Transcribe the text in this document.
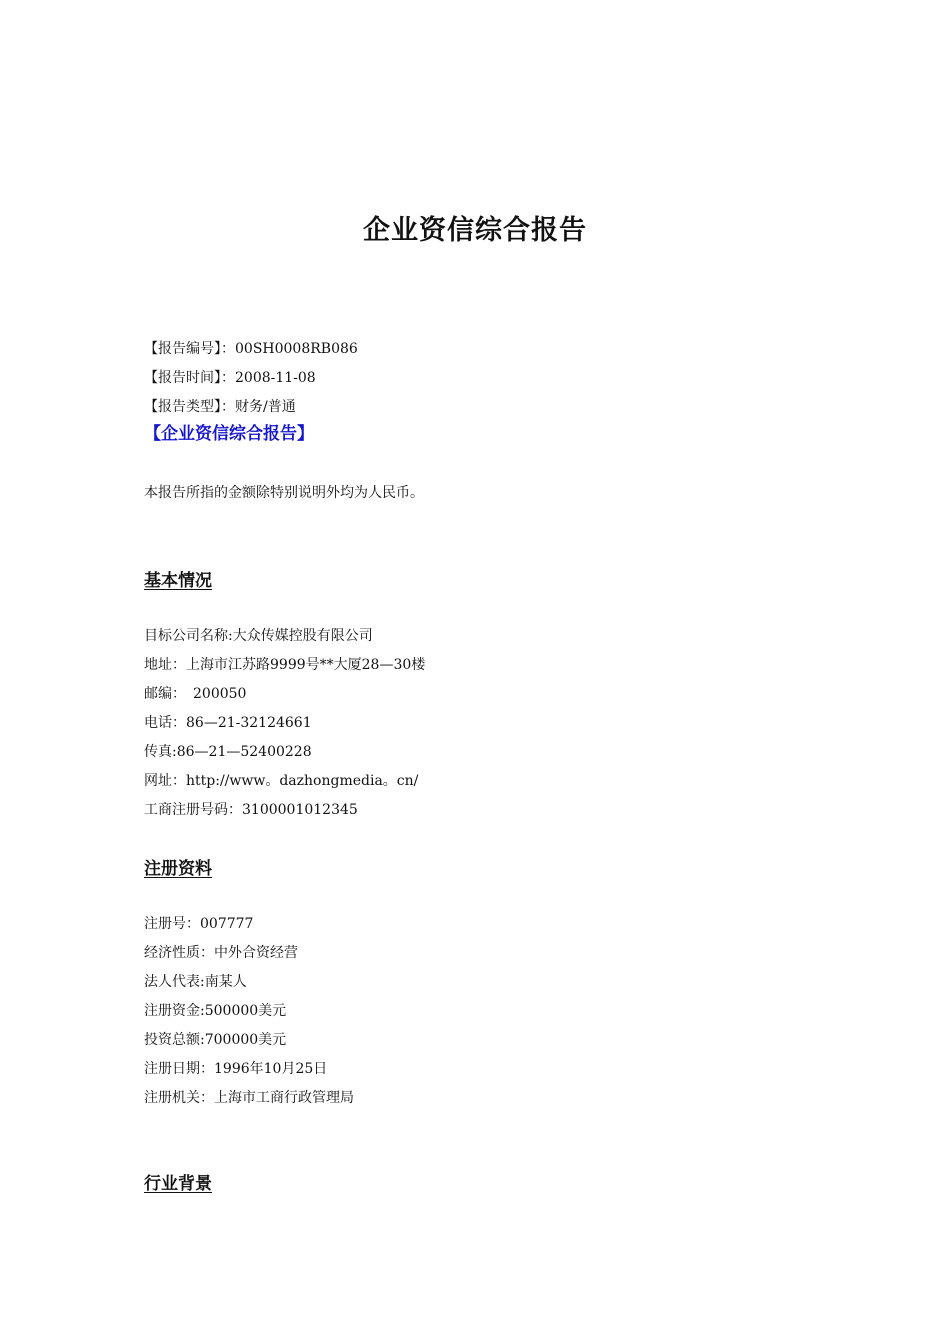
企业资信综合报告
【报告编号】：00SH0008RB086
【报告时间】：2008-11-08
【报告类型】：财务/普通
【企业资信综合报告】
本报告所指的金额除特别说明外均为人民币。
基本情况
目标公司名称:大众传媒控股有限公司
地址：上海市江苏路9999号**大厦28—30楼
邮编：　200050
电话：86—21-32124661
传真:86—21—52400228
网址：http://www。dazhongmedia。cn/
工商注册号码：3100001012345
注册资料
注册号：007777
经济性质：中外合资经营
法人代表:南某人
注册资金:500000美元
投资总额:700000美元
注册日期：1996年10月25日
注册机关：上海市工商行政管理局
行业背景
